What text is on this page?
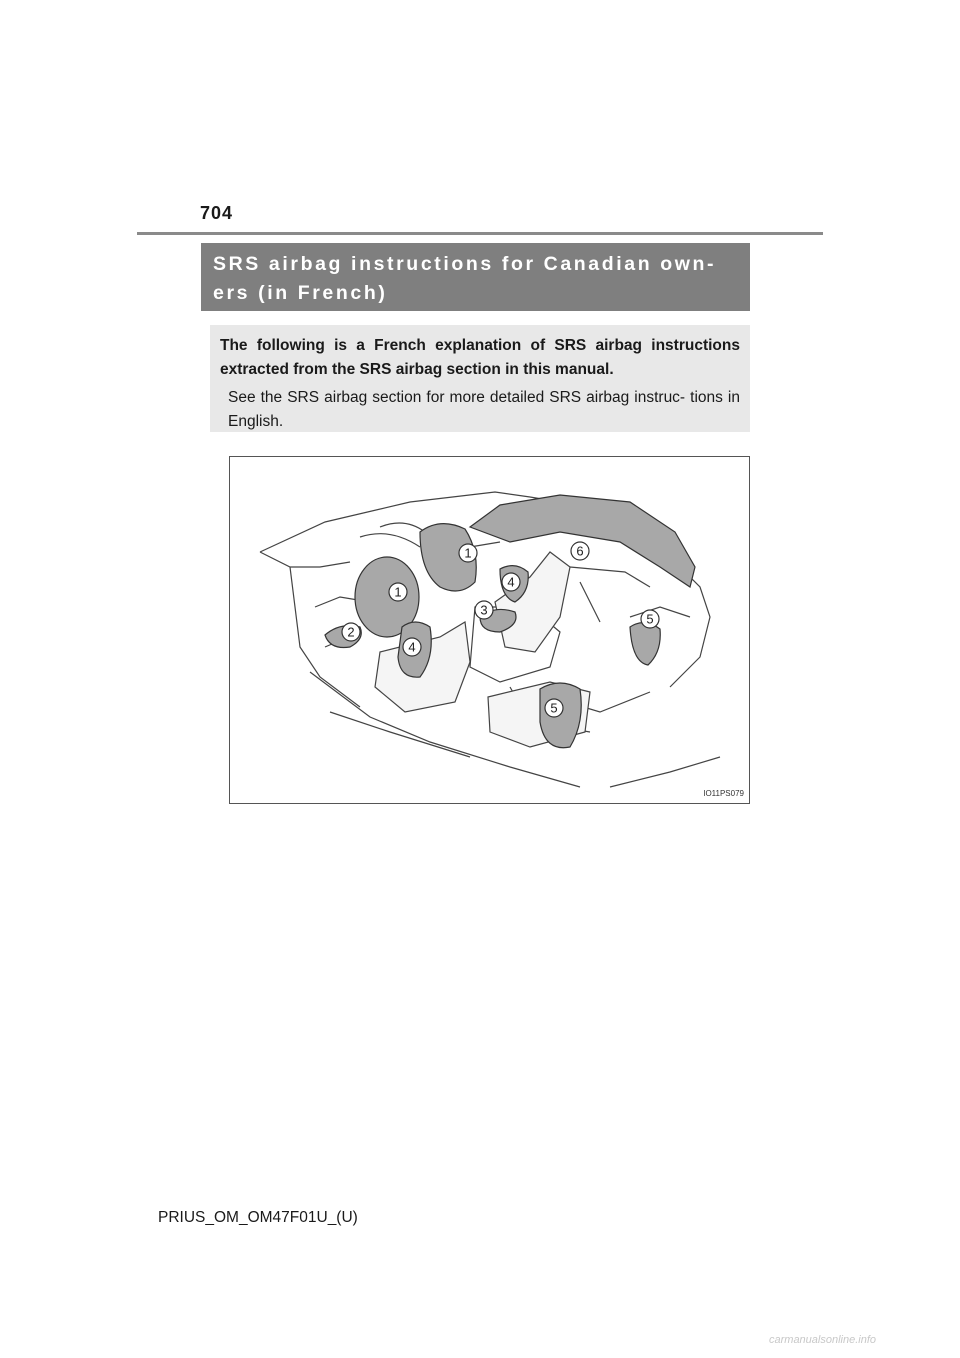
704
SRS airbag instructions for Canadian own-
ers (in French)

The following is a French explanation of SRS airbag instructions extracted from the SRS airbag section in this manual.

See the SRS airbag section for more detailed SRS airbag instruc- tions in English.

1
1
2
3
4
4
5
5
6
IO11PS079
PRIUS_OM_OM47F01U_(U)
carmanualsonline.info
